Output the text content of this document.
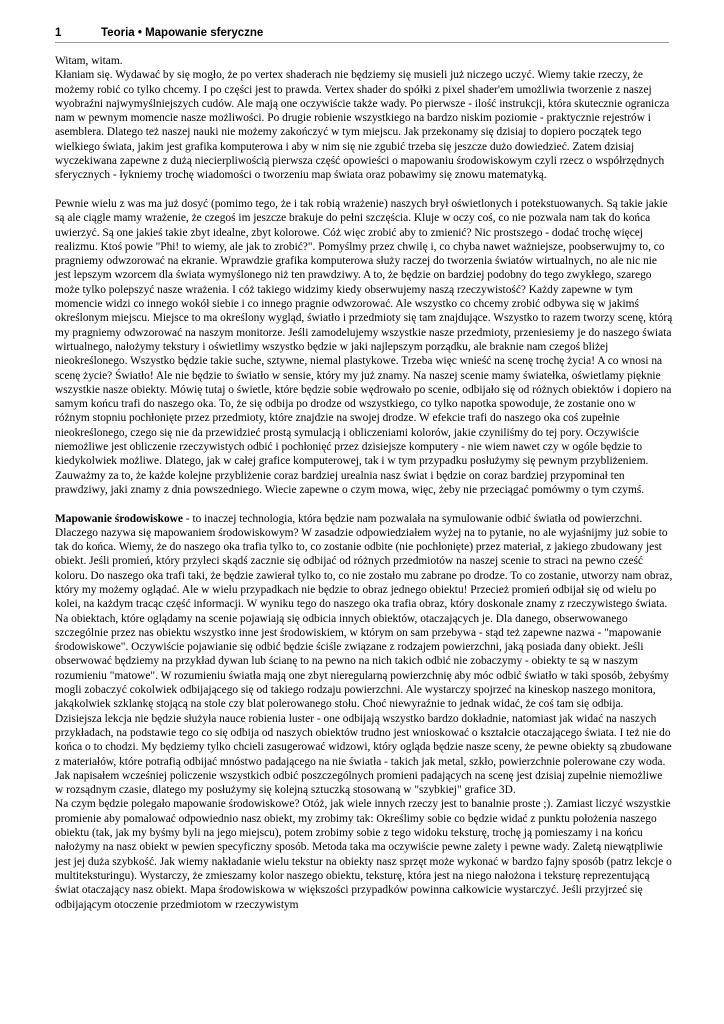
1	Teoria • Mapowanie sferyczne

Witam, witam.

Kłaniam się. Wydawać by się mogło, że po vertex shaderach nie będziemy się musieli już niczego uczyć. Wiemy takie rzeczy, że możemy robić co tylko chcemy. I po części jest to prawda. Vertex shader do spółki z pixel shader'em umożliwia tworzenie z naszej wyobraźni najwymyślniejszych cudów. Ale mają one oczywiście także wady. Po pierwsze - ilość instrukcji, która skutecznie ogranicza nam w pewnym momencie nasze możliwości. Po drugie robienie wszystkiego na bardzo niskim poziomie - praktycznie rejestrów i asemblera. Dlatego też naszej nauki nie możemy zakończyć w tym miejscu. Jak przekonamy się dzisiaj to dopiero początek tego wielkiego świata, jakim jest grafika komputerowa i aby w nim się nie zgubić trzeba się jeszcze dużo dowiedzieć. Zatem dzisiaj wyczekiwana zapewne z dużą niecierpliwością pierwsza część opowieści o mapowaniu środowiskowym czyli rzecz o współrzędnych sferycznych - łykniemy trochę wiadomości o tworzeniu map świata oraz pobawimy się znowu matematyką.

Pewnie wielu z was ma już dosyć (pomimo tego, że i tak robią wrażenie) naszych brył oświetlonych i potekstuowanych. Są takie jakie są ale ciągle mamy wrażenie, że czegoś im jeszcze brakuje do pełni szczęścia. Kluje w oczy coś, co nie pozwala nam tak do końca uwierzyć. Są one jakieś takie zbyt idealne, zbyt kolorowe. Cóż więc zrobić aby to zmienić? Nic prostszego - dodać trochę więcej realizmu. Ktoś powie "Phi! to wiemy, ale jak to zrobić?". Pomyślmy przez chwilę i, co chyba nawet ważniejsze, poobserwujmy to, co pragniemy odwzorować na ekranie. Wprawdzie grafika komputerowa służy raczej do tworzenia światów wirtualnych, no ale nic nie jest lepszym wzorcem dla świata wymyślonego niż ten prawdziwy. A to, że będzie on bardziej podobny do tego zwykłego, szarego może tylko polepszyć nasze wrażenia. I cóż takiego widzimy kiedy obserwujemy naszą rzeczywistość? Każdy zapewne w tym momencie widzi co innego wokół siebie i co innego pragnie odwzorować. Ale wszystko co chcemy zrobić odbywa się w jakimś określonym miejscu. Miejsce to ma określony wygląd, światło i przedmioty się tam znajdujące. Wszystko to razem tworzy scenę, którą my pragniemy odwzorować na naszym monitorze. Jeśli zamodelujemy wszystkie nasze przedmioty, przeniesiemy je do naszego świata wirtualnego, nałożymy tekstury i oświetlimy wszystko będzie w jaki najlepszym porządku, ale braknie nam czegoś bliżej nieokreślonego. Wszystko będzie takie suche, sztywne, niemal plastykowe. Trzeba więc wnieść na scenę trochę życia! A co wnosi na scenę życie? Światło! Ale nie będzie to światło w sensie, który my już znamy. Na naszej scenie mamy światełka, oświetlamy pięknie wszystkie nasze obiekty. Mówię tutaj o świetle, które będzie sobie wędrowało po scenie, odbijało się od różnych obiektów i dopiero na samym końcu trafi do naszego oka. To, że się odbija po drodze od wszystkiego, co tylko napotka spowoduje, że zostanie ono w różnym stopniu pochłonięte przez przedmioty, które znajdzie na swojej drodze. W efekcie trafi do naszego oka coś zupełnie nieokreślonego, czego się nie da przewidzieć prostą symulacją i obliczeniami kolorów, jakie czyniliśmy do tej pory. Oczywiście niemożliwe jest obliczenie rzeczywistych odbić i pochłonięć przez dzisiejsze komputery - nie wiem nawet czy w ogóle będzie to kiedykolwiek możliwe. Dlatego, jak w całej grafice komputerowej, tak i w tym przypadku posłużymy się pewnym przybliżeniem. Zauważmy za to, że każde kolejne przybliżenie coraz bardziej urealnia nasz świat i będzie on coraz bardziej przypominał ten prawdziwy, jaki znamy z dnia powszedniego. Wiecie zapewne o czym mowa, więc, żeby nie przeciągać pomówmy o tym czymś.

Mapowanie środowiskowe - to inaczej technologia, która będzie nam pozwalała na symulowanie odbić światła od powierzchni. Dlaczego nazywa się mapowaniem środowiskowym? W zasadzie odpowiedziałem wyżej na to pytanie, no ale wyjaśnijmy już sobie to tak do końca. Wiemy, że do naszego oka trafia tylko to, co zostanie odbite (nie pochłonięte) przez materiał, z jakiego zbudowany jest obiekt. Jeśli promień, który przyleci skądś zacznie się odbijać od różnych przedmiotów na naszej scenie to straci na pewno cześć koloru. Do naszego oka trafi taki, że będzie zawierał tylko to, co nie zostało mu zabrane po drodze. To co zostanie, utworzy nam obraz, który my możemy oglądać. Ale w wielu przypadkach nie będzie to obraz jednego obiektu! Przecież promień odbijał się od wielu po kolei, na każdym tracąc część informacji. W wyniku tego do naszego oka trafia obraz, który doskonale znamy z rzeczywistego świata. Na obiektach, które oglądamy na scenie pojawiają się odbicia innych obiektów, otaczających je. Dla danego, obserwowanego szczególnie przez nas obiektu wszystko inne jest środowiskiem, w którym on sam przebywa - stąd też zapewne nazwa - "mapowanie środowiskowe". Oczywiście pojawianie się odbić będzie ściśle związane z rodzajem powierzchni, jaką posiada dany obiekt. Jeśli obserwować będziemy na przykład dywan lub ścianę to na pewno na nich takich odbić nie zobaczymy - obiekty te są w naszym rozumieniu "matowe". W rozumieniu światła mają one zbyt nieregularną powierzchnię aby móc odbić światło w taki sposób, żebyśmy mogli zobaczyć cokolwiek odbijającego się od takiego rodzaju powierzchni. Ale wystarczy spojrzeć na kineskop naszego monitora, jakąkolwiek szklankę stojącą na stole czy blat polerowanego stołu. Choć niewyraźnie to jednak widać, że coś tam się odbija. Dzisiejsza lekcja nie będzie służyła nauce robienia luster - one odbijają wszystko bardzo dokładnie, natomiast jak widać na naszych przykładach, na podstawie tego co się odbija od naszych obiektów trudno jest wnioskować o kształcie otaczającego świata. I też nie do końca o to chodzi. My będziemy tylko chcieli zasugerować widzowi, który ogląda będzie nasze sceny, że pewne obiekty są zbudowane z materiałów, które potrafią odbijać mnóstwo padającego na nie światła - takich jak metal, szkło, powierzchnie polerowane czy woda. Jak napisałem wcześniej policzenie wszystkich odbić poszczególnych promieni padających na scenę jest dzisiaj zupełnie niemożliwe w rozsądnym czasie, dlatego my posłużymy się kolejną sztuczką stosowaną w "szybkiej" grafice 3D.

Na czym będzie polegało mapowanie środowiskowe? Otóż, jak wiele innych rzeczy jest to banalnie proste ;). Zamiast liczyć wszystkie promienie aby pomalować odpowiednio nasz obiekt, my zrobimy tak: Określimy sobie co będzie widać z punktu położenia naszego obiektu (tak, jak my byśmy byli na jego miejscu), potem zrobimy sobie z tego widoku teksturę, trochę ją pomieszamy i na końcu nałożymy na nasz obiekt w pewien specyficzny sposób. Metoda taka ma oczywiście pewne zalety i pewne wady. Zaletą niewątpliwie jest jej duża szybkość. Jak wiemy nakładanie wielu tekstur na obiekty nasz sprzęt może wykonać w bardzo fajny sposób (patrz lekcje o multiteksturingu). Wystarczy, że zmieszamy kolor naszego obiektu, teksturę, która jest na niego nałożona i teksturę reprezentującą świat otaczający nasz obiekt. Mapa środowiskowa w większości przypadków powinna całkowicie wystarczyć. Jeśli przyjrzeć się odbijającym otoczenie przedmiotom w rzeczywistym
